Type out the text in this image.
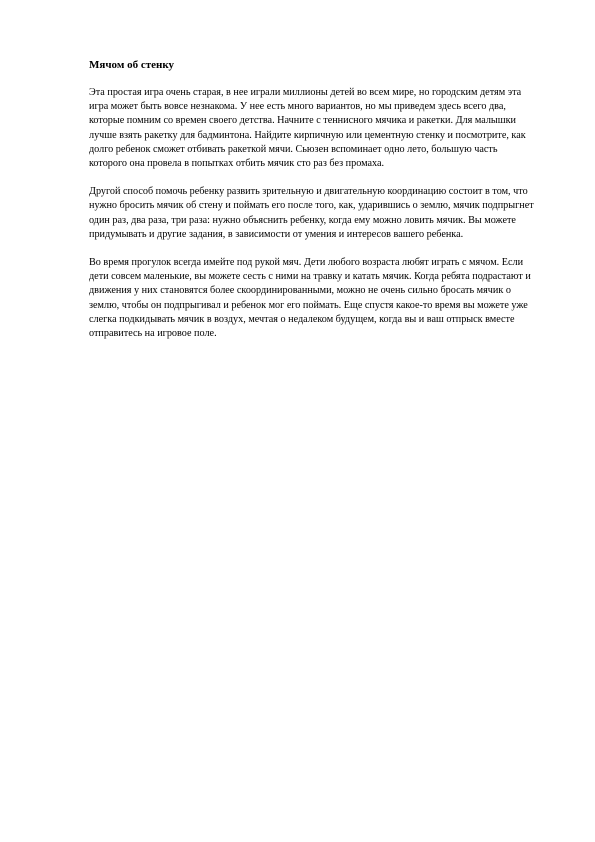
Мячом об стенку

Эта простая игра очень старая, в нее играли миллионы детей во всем мире, но городским детям эта игра может быть вовсе незнакома. У нее есть много вариантов, но мы приведем здесь всего два, которые помним со времен своего детства. Начните с теннисного мячика и ракетки. Для малышки лучше взять ракетку для бадминтона. Найдите кирпичную или цементную стенку и посмотрите, как долго ребенок сможет отбивать ракеткой мячи. Сьюзен вспоминает одно лето, большую часть которого она провела в попытках отбить мячик сто раз без промаха.

Другой способ помочь ребенку развить зрительную и двигательную координацию состоит в том, что нужно бросить мячик об стену и поймать его после того, как, ударившись о землю, мячик подпрыгнет один раз, два раза, три раза: нужно объяснить ребенку, когда ему можно ловить мячик. Вы можете придумывать и другие задания, в зависимости от умения и интересов вашего ребенка.

Во время прогулок всегда имейте под рукой мяч. Дети любого возраста любят играть с мячом. Если дети совсем маленькие, вы можете сесть с ними на травку и катать мячик. Когда ребята подрастают и движения у них становятся более скоординированными, можно не очень сильно бросать мячик о землю, чтобы он подпрыгивал и ребенок мог его поймать. Еще спустя какое-то время вы можете уже слегка подкидывать мячик в воздух, мечтая о недалеком будущем, когда вы и ваш отпрыск вместе отправитесь на игровое поле.
